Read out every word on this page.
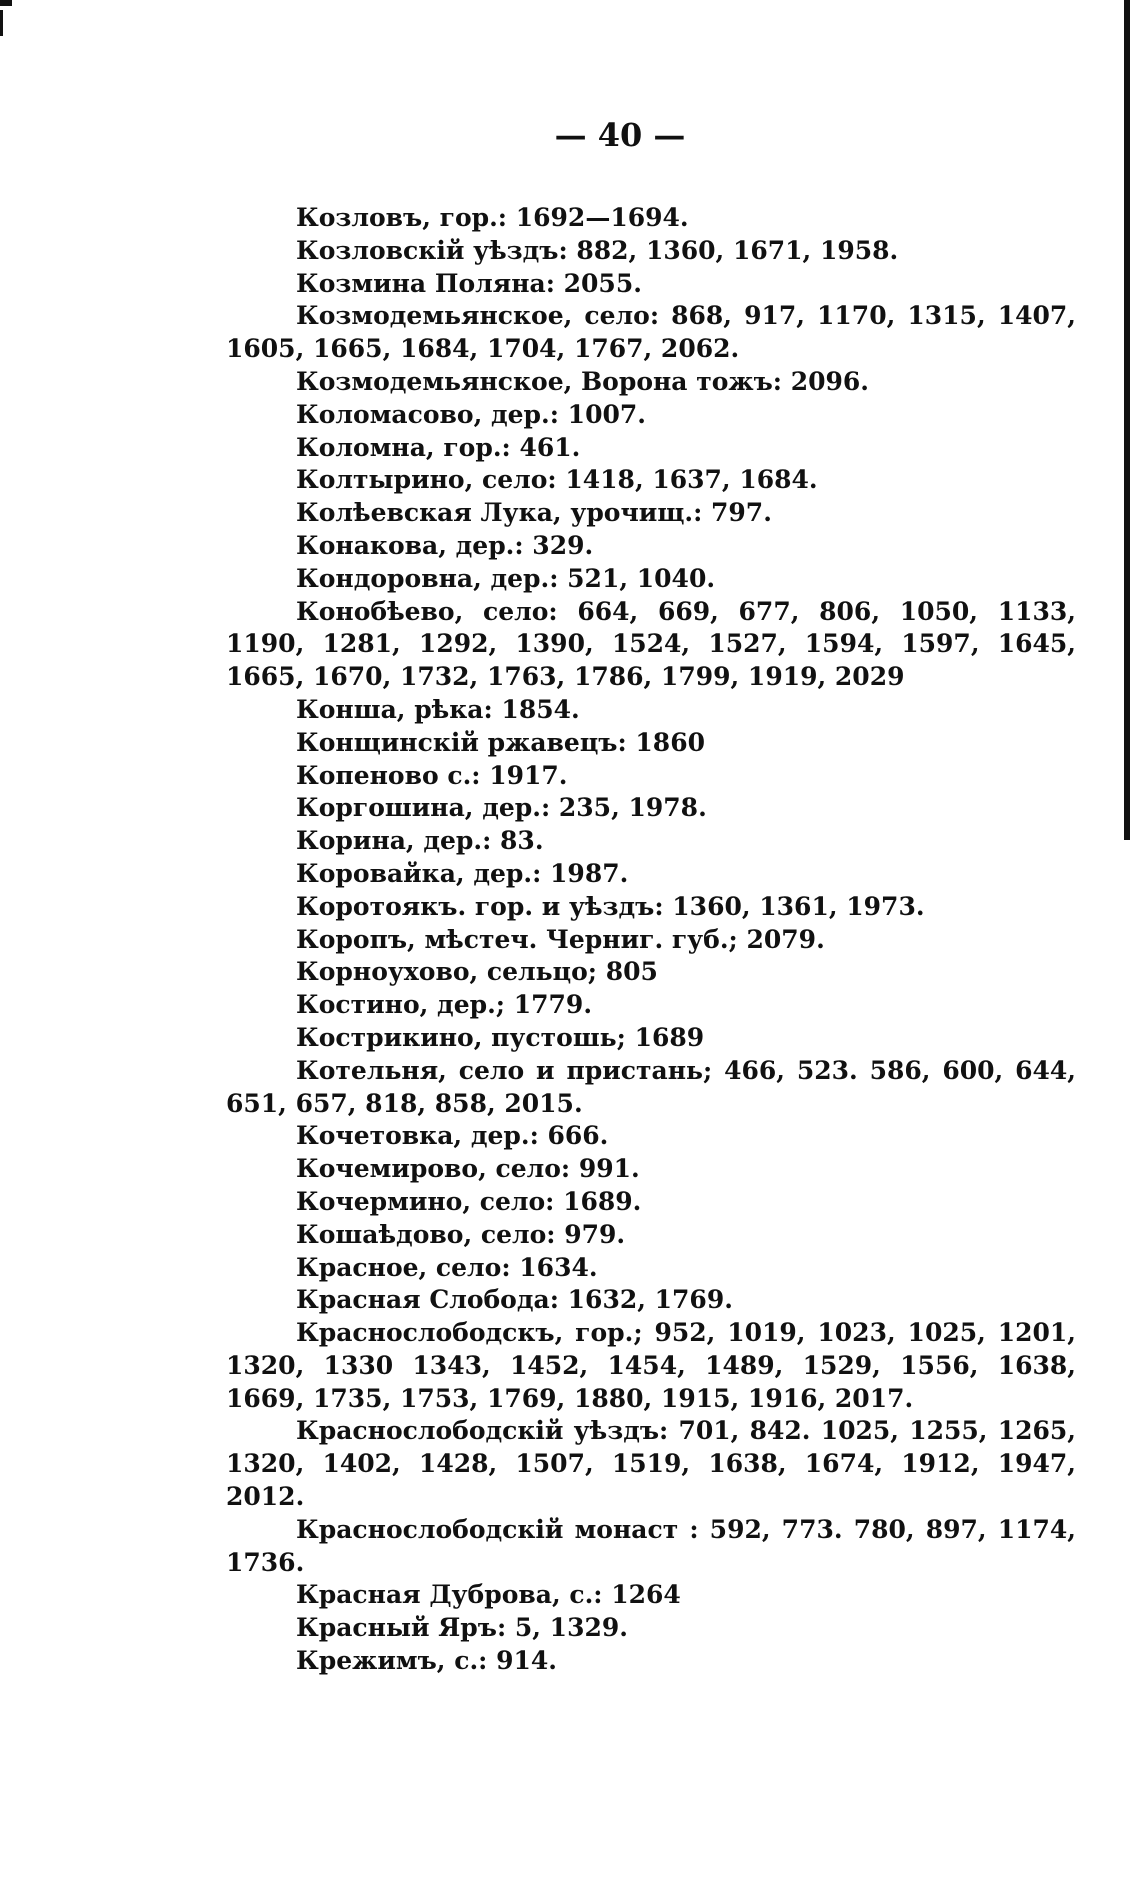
— 40 —

Козловъ, гор.: 1692—1694.

Козловскій уѣздъ: 882, 1360, 1671, 1958.

Козмина Поляна: 2055.

Козмодемьянское, село: 868, 917, 1170, 1315, 1407, 1605, 1665, 1684, 1704, 1767, 2062.

Козмодемьянское, Ворона тожъ: 2096.

Коломасово, дер.: 1007.

Коломна, гор.: 461.

Колтырино, село: 1418, 1637, 1684.

Колѣевская Лука, урочищ.: 797.

Конакова, дер.: 329.

Кондоровна, дер.: 521, 1040.

Конобѣево, село: 664, 669, 677, 806, 1050, 1133, 1190, 1281, 1292, 1390, 1524, 1527, 1594, 1597, 1645, 1665, 1670, 1732, 1763, 1786, 1799, 1919, 2029

Конша, рѣка: 1854.

Конщинскій ржавецъ: 1860

Копеново с.: 1917.

Коргошина, дер.: 235, 1978.

Корина, дер.: 83.

Коровайка, дер.: 1987.

Коротоякъ. гор. и уѣздъ: 1360, 1361, 1973.

Коропъ, мѣстеч. Черниг. губ.; 2079.

Корноухово, сельцо; 805

Костино, дер.; 1779.

Кострикино, пустошь; 1689

Котельня, село и пристань; 466, 523. 586, 600, 644, 651, 657, 818, 858, 2015.

Кочетовка, дер.: 666.

Кочемирово, село: 991.

Кочермино, село: 1689.

Кошаѣдово, село: 979.

Красное, село: 1634.

Красная Слобода: 1632, 1769.

Краснослободскъ, гор.; 952, 1019, 1023, 1025, 1201, 1320, 1330 1343, 1452, 1454, 1489, 1529, 1556, 1638, 1669, 1735, 1753, 1769, 1880, 1915, 1916, 2017.

Краснослободскій уѣздъ: 701, 842. 1025, 1255, 1265, 1320, 1402, 1428, 1507, 1519, 1638, 1674, 1912, 1947, 2012.

Краснослободскій монаст : 592, 773. 780, 897, 1174, 1736.

Красная Дуброва, с.: 1264

Красный Яръ: 5, 1329.

Крежимъ, с.: 914.
